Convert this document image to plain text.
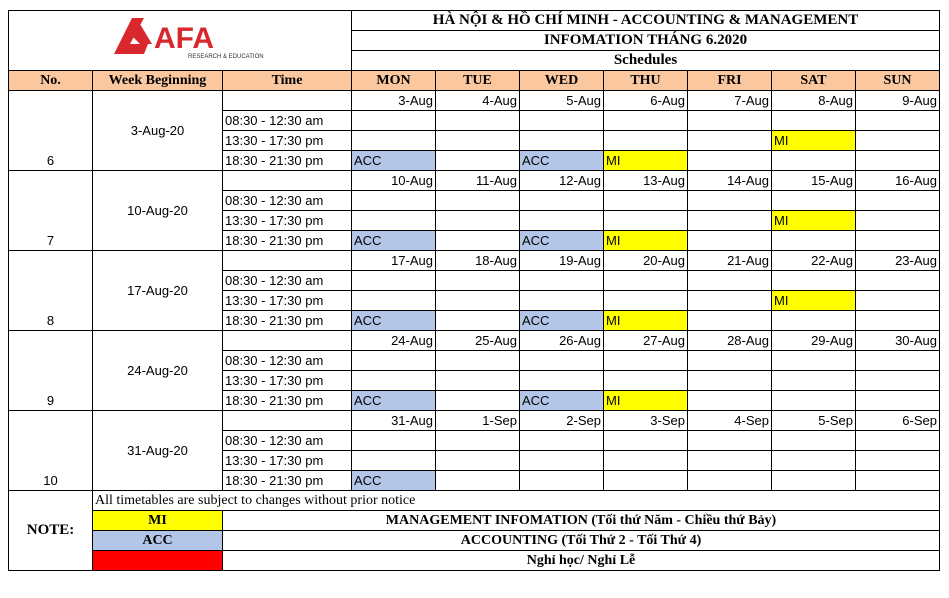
AFA
RESEARCH & EDUCATION			HÀ NỘI & HỒ CHÍ MINH - ACCOUNTING & MANAGEMENT						
			INFOMATION THÁNG 6.2020						
			Schedules						
No.	Week Beginning	Time	MON	TUE	WED	THU	FRI	SAT	SUN
6	3-Aug-20		3-Aug	4-Aug	5-Aug	6-Aug	7-Aug	8-Aug	9-Aug
		08:30 - 12:30 am							
		13:30 - 17:30 pm						MI	
		18:30 - 21:30 pm	ACC		ACC	MI			
7	10-Aug-20		10-Aug	11-Aug	12-Aug	13-Aug	14-Aug	15-Aug	16-Aug
		08:30 - 12:30 am							
		13:30 - 17:30 pm						MI	
		18:30 - 21:30 pm	ACC		ACC	MI			
8	17-Aug-20		17-Aug	18-Aug	19-Aug	20-Aug	21-Aug	22-Aug	23-Aug
		08:30 - 12:30 am							
		13:30 - 17:30 pm						MI	
		18:30 - 21:30 pm	ACC		ACC	MI			
9	24-Aug-20		24-Aug	25-Aug	26-Aug	27-Aug	28-Aug	29-Aug	30-Aug
		08:30 - 12:30 am							
		13:30 - 17:30 pm							
		18:30 - 21:30 pm	ACC		ACC	MI			
10	31-Aug-20		31-Aug	1-Sep	2-Sep	3-Sep	4-Sep	5-Sep	6-Sep
		08:30 - 12:30 am							
		13:30 - 17:30 pm							
		18:30 - 21:30 pm	ACC						
NOTE:	All timetables are subject to changes without prior notice								
	MI	MANAGEMENT INFOMATION (Tối thứ Năm - Chiều thứ Bảy)							
	ACC	ACCOUNTING (Tối Thứ 2 - Tối Thứ 4)							
		Nghỉ học/ Nghỉ Lễ							
